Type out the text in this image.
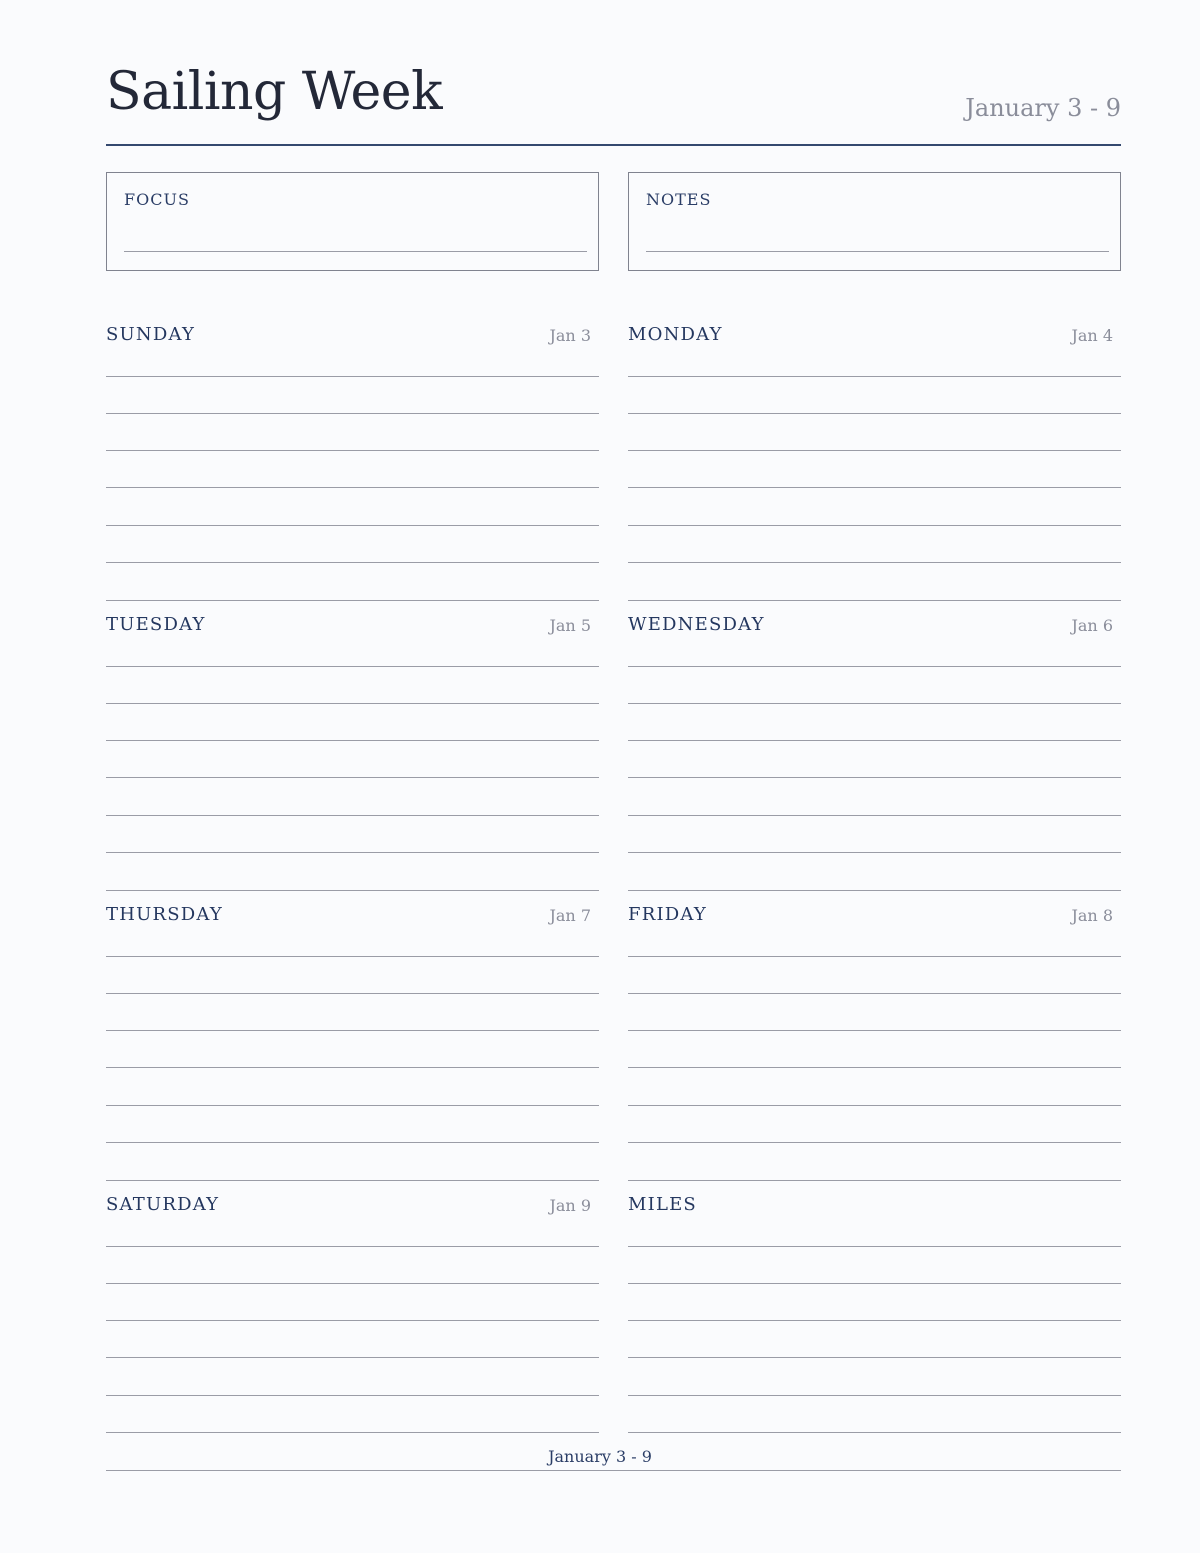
Sailing Week	January 3 - 9
FOCUS	NOTES
SUNDAY	Jan 3 MONDAY	Jan 4
TUESDAY	Jan 5 WEDNESDAY	Jan 6
THURSDAY	Jan 7 FRIDAY	Jan 8
SATURDAY	Jan 9 MILES
January 3 - 9
